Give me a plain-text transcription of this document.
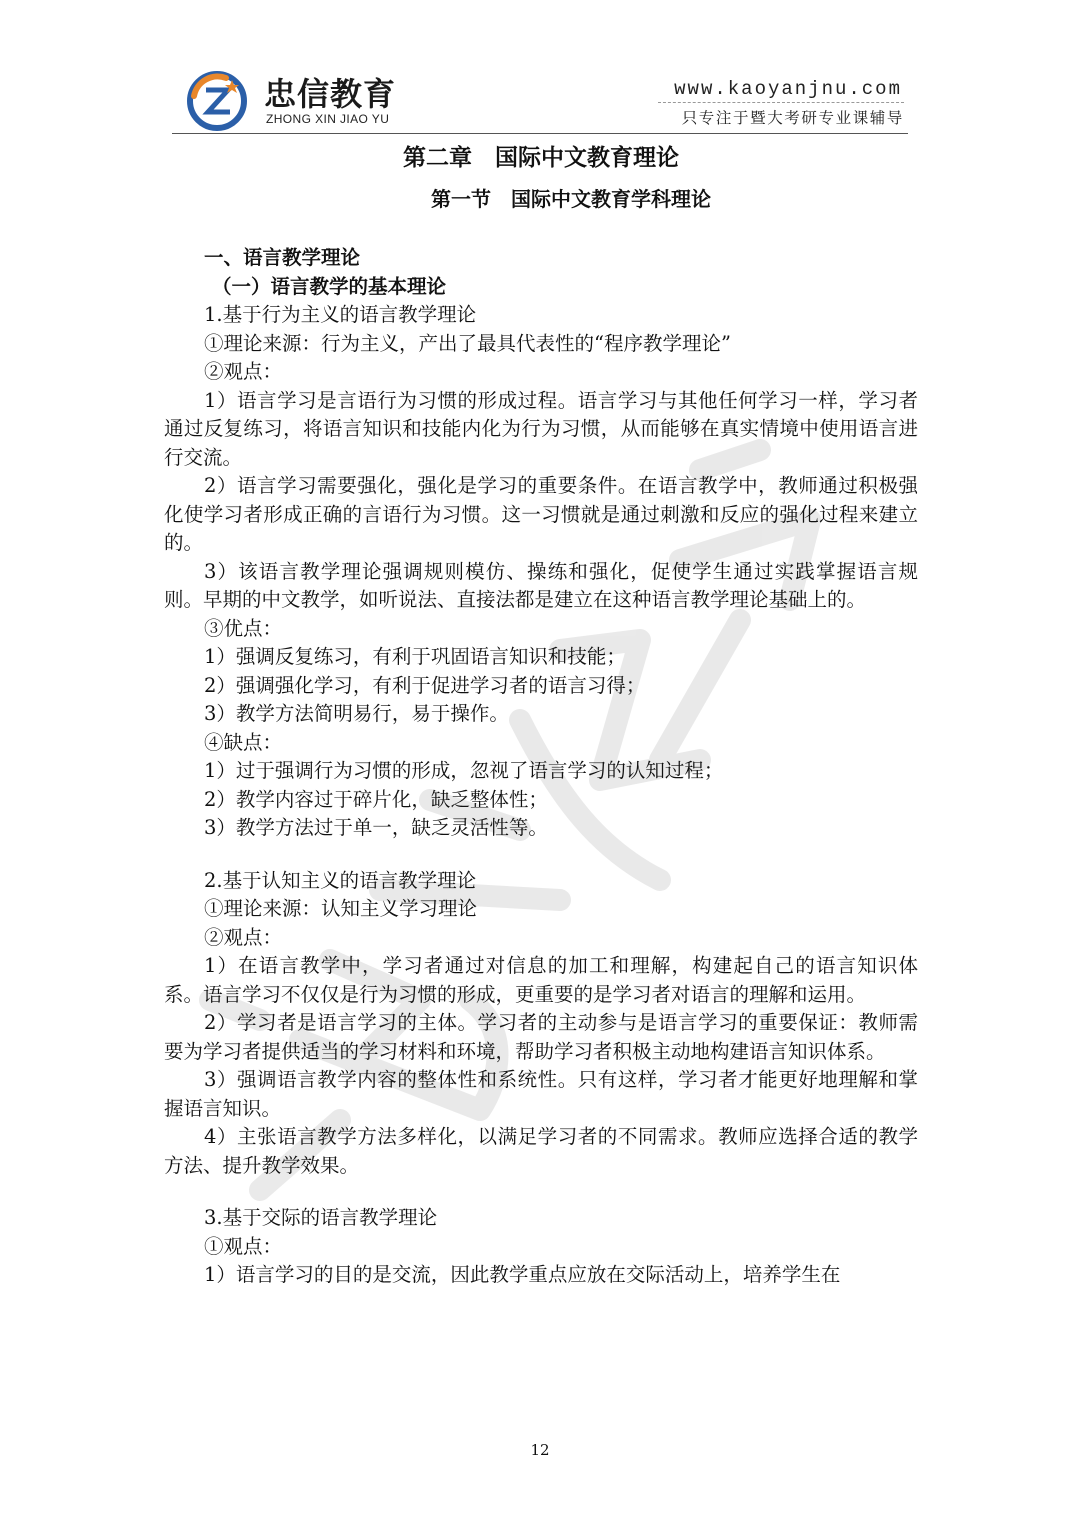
忠信教育
ZHONG XIN JIAO YU
www.kaoyanjnu.com
只专注于暨大考研专业课辅导
第二章　国际中文教育理论
第一节　国际中文教育学科理论

一、语言教学理论

（一）语言教学的基本理论

1.基于行为主义的语言教学理论

①理论来源：行为主义，产出了最具代表性的“程序教学理论”

②观点：

1）语言学习是言语行为习惯的形成过程。语言学习与其他任何学习一样，学习者通过反复练习，将语言知识和技能内化为行为习惯，从而能够在真实情境中使用语言进行交流。

2）语言学习需要强化，强化是学习的重要条件。在语言教学中，教师通过积极强化使学习者形成正确的言语行为习惯。这一习惯就是通过刺激和反应的强化过程来建立的。

3）该语言教学理论强调规则模仿、操练和强化，促使学生通过实践掌握语言规则。早期的中文教学，如听说法、直接法都是建立在这种语言教学理论基础上的。

③优点：

1）强调反复练习，有利于巩固语言知识和技能；

2）强调强化学习，有利于促进学习者的语言习得；

3）教学方法简明易行，易于操作。

④缺点：

1）过于强调行为习惯的形成，忽视了语言学习的认知过程；

2）教学内容过于碎片化，缺乏整体性；

3）教学方法过于单一，缺乏灵活性等。

2.基于认知主义的语言教学理论

①理论来源：认知主义学习理论

②观点：

1）在语言教学中，学习者通过对信息的加工和理解，构建起自己的语言知识体系。语言学习不仅仅是行为习惯的形成，更重要的是学习者对语言的理解和运用。

2）学习者是语言学习的主体。学习者的主动参与是语言学习的重要保证：教师需要为学习者提供适当的学习材料和环境，帮助学习者积极主动地构建语言知识体系。

3）强调语言教学内容的整体性和系统性。只有这样，学习者才能更好地理解和掌握语言知识。

4）主张语言教学方法多样化，以满足学习者的不同需求。教师应选择合适的教学方法、提升教学效果。

3.基于交际的语言教学理论

①观点：

1）语言学习的目的是交流，因此教学重点应放在交际活动上，培养学生在

12
